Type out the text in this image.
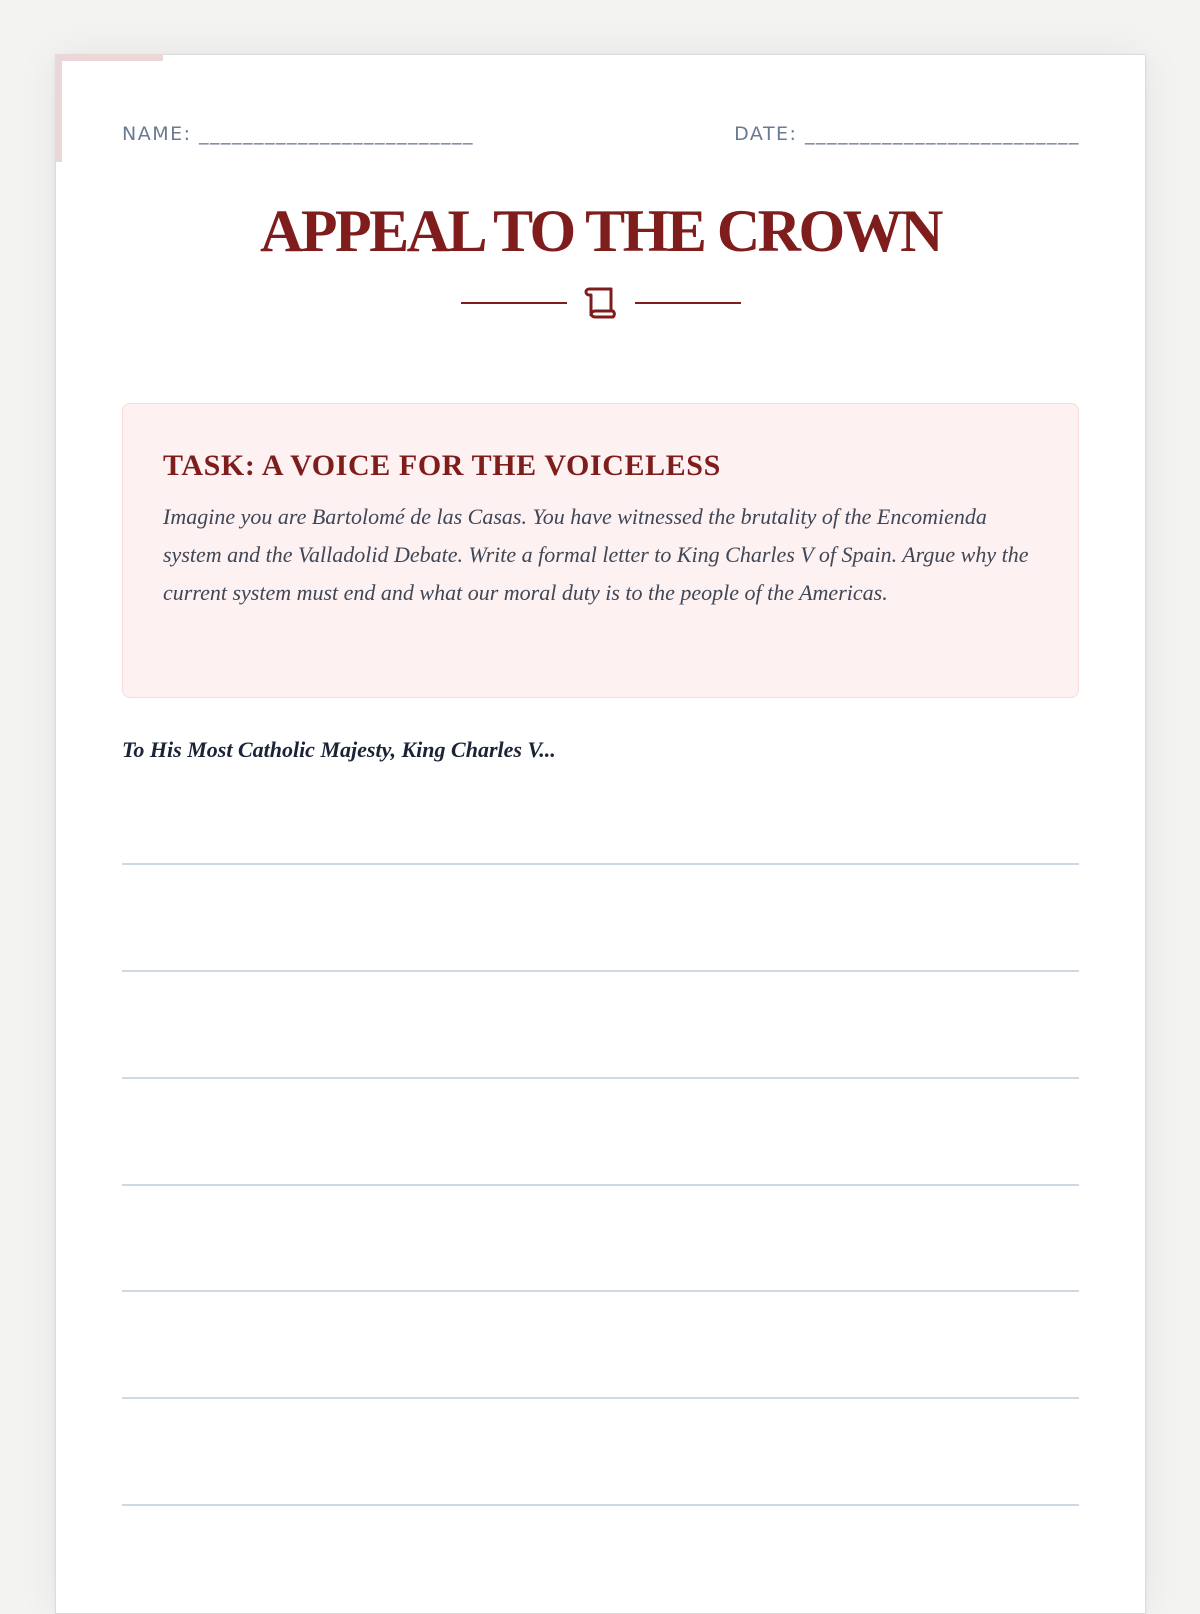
NAME: _________________________	DATE: _________________________
APPEAL TO THE CROWN
TASK: A VOICE FOR THE VOICELESS

Imagine you are Bartolomé de las Casas. You have witnessed the brutality of the Encomienda system and the Valladolid Debate. Write a formal letter to King Charles V of Spain. Argue why the current system must end and what our moral duty is to the people of the Americas.

To His Most Catholic Majesty, King Charles V...
